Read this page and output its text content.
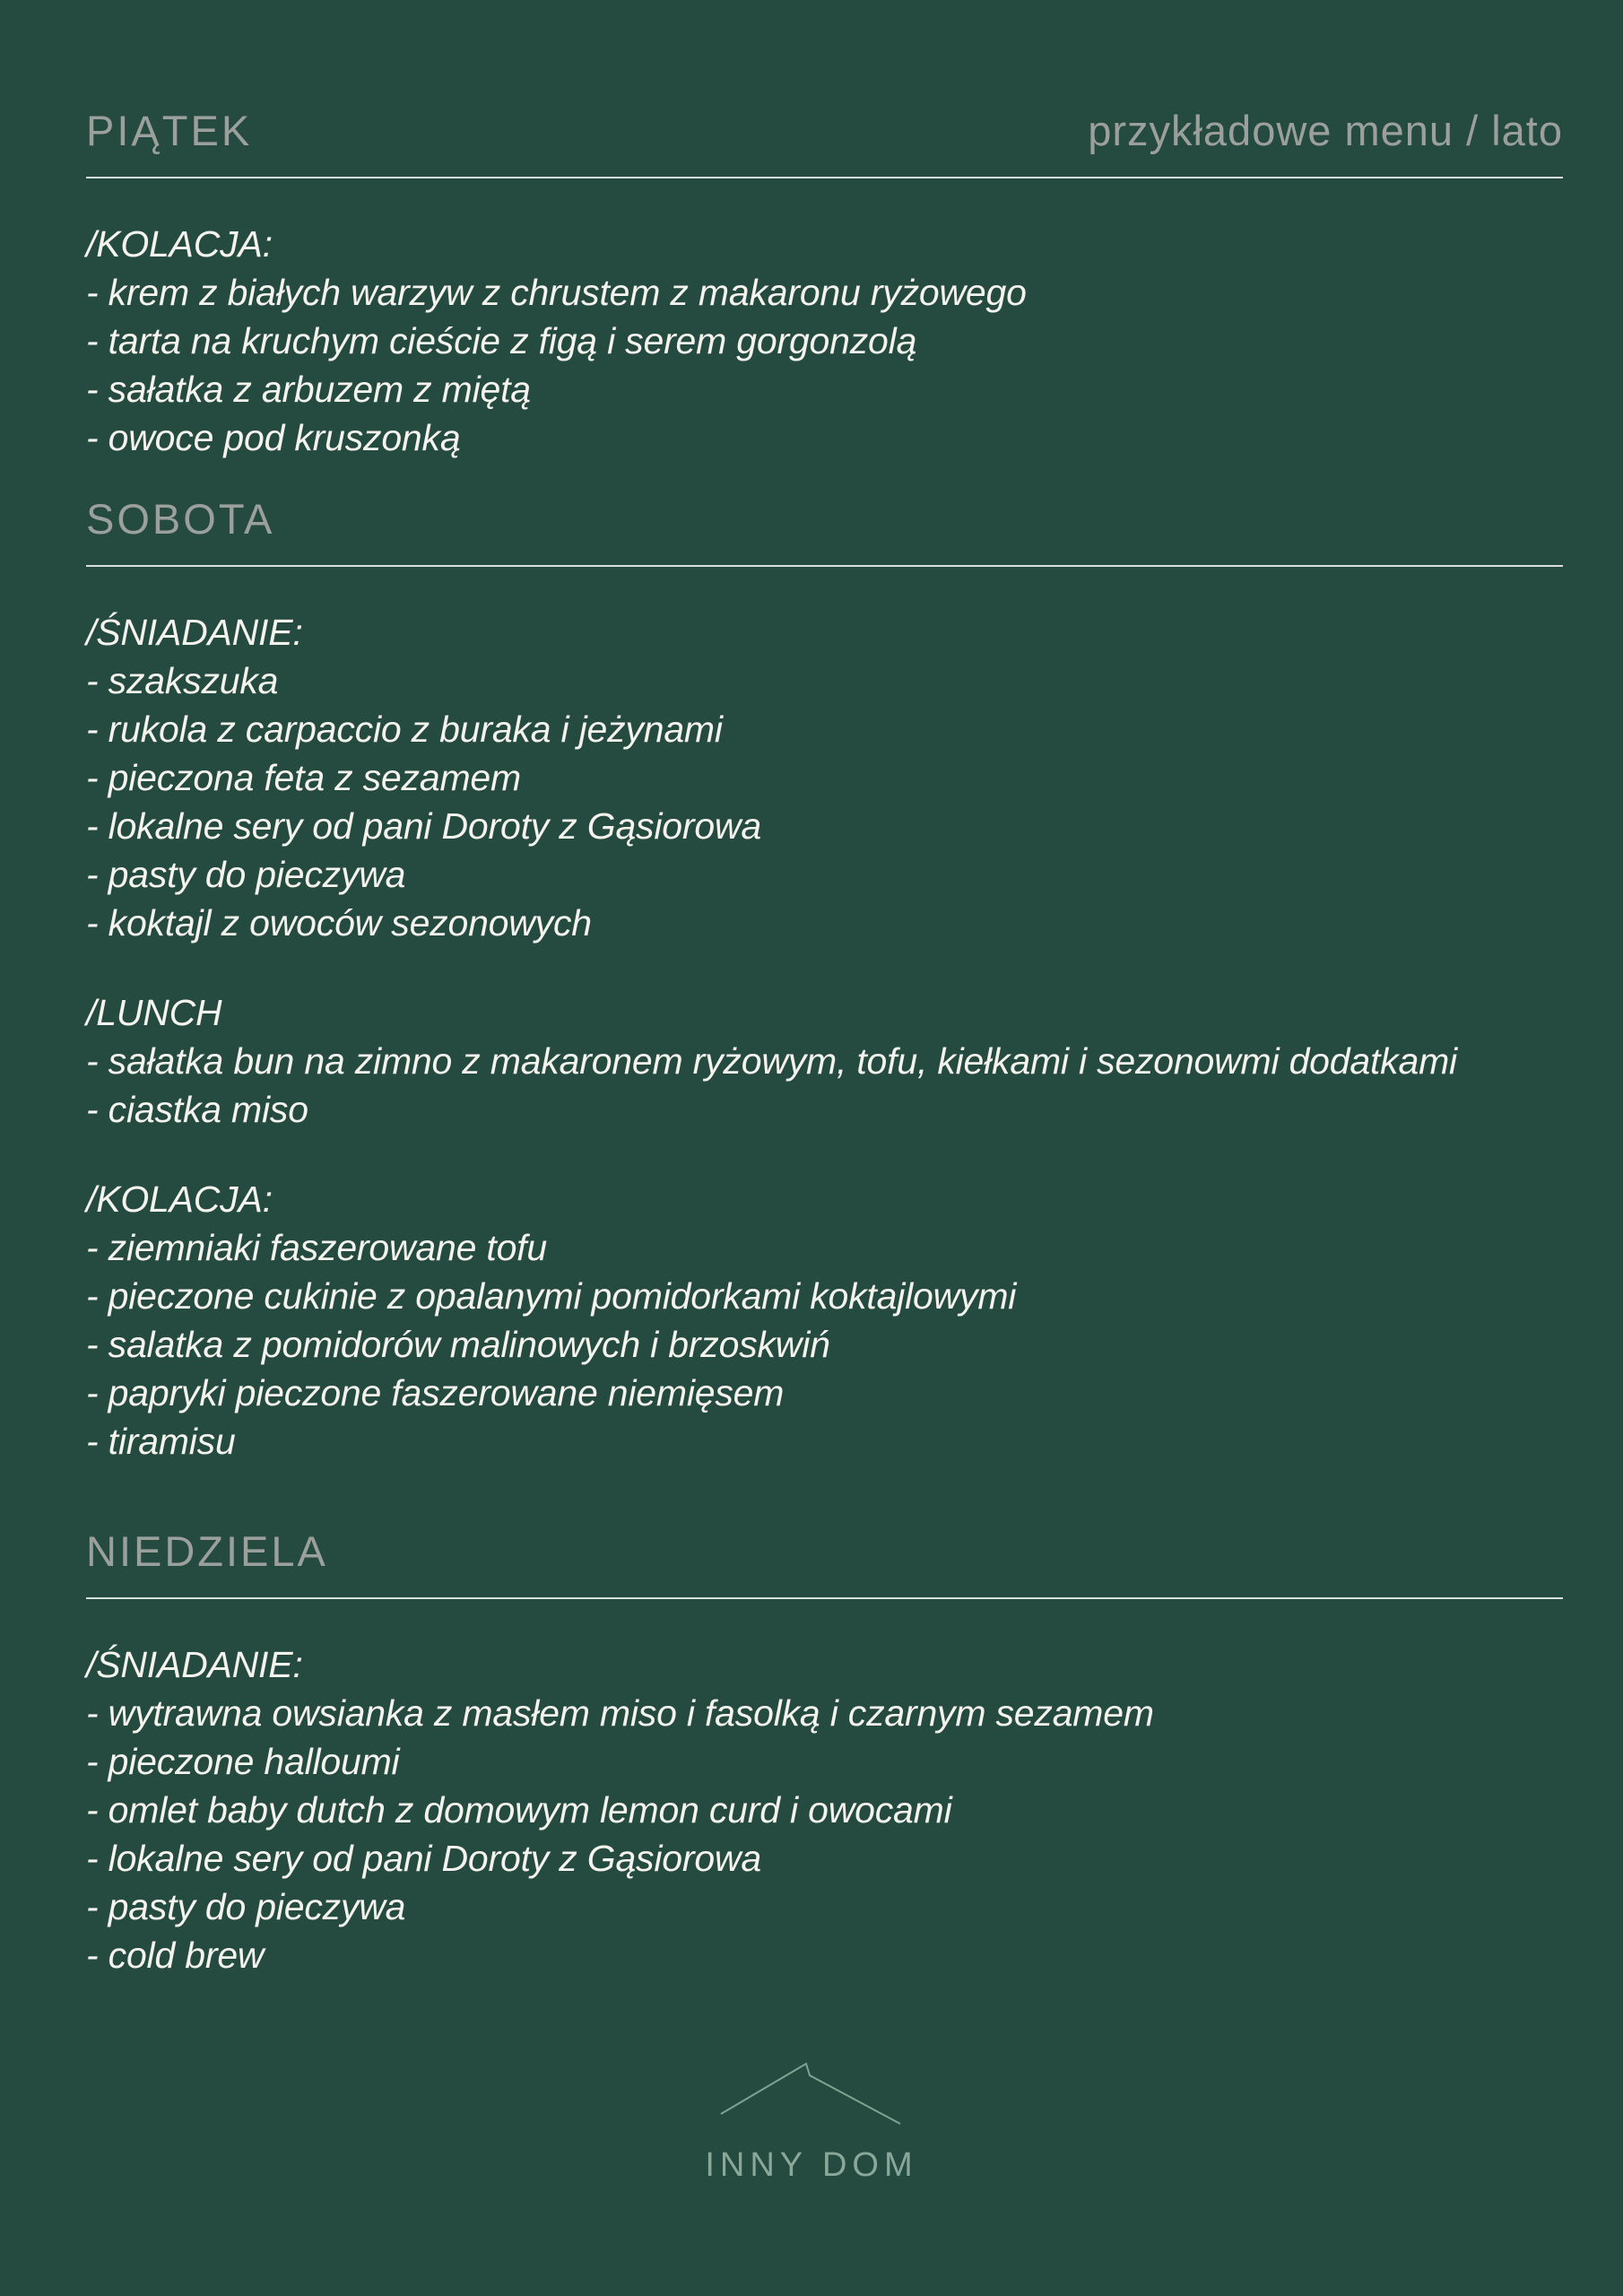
PIĄTEK	przykładowe menu / lato
/KOLACJA:
- krem z białych warzyw z chrustem z makaronu ryżowego
- tarta na kruchym cieście z figą i serem gorgonzolą
- sałatka z arbuzem z miętą
- owoce pod kruszonką
SOBOTA
/ŚNIADANIE:
- szakszuka
- rukola z carpaccio z buraka i jeżynami
- pieczona feta z sezamem
- lokalne sery od pani Doroty z Gąsiorowa
- pasty do pieczywa
- koktajl z owoców sezonowych
/LUNCH
- sałatka bun na zimno z makaronem ryżowym, tofu, kiełkami i sezonowmi dodatkami
- ciastka miso
/KOLACJA:
- ziemniaki faszerowane tofu
- pieczone cukinie z opalanymi pomidorkami koktajlowymi
- salatka z pomidorów malinowych i brzoskwiń
- papryki pieczone faszerowane niemięsem
- tiramisu
NIEDZIELA
/ŚNIADANIE:
- wytrawna owsianka z masłem miso i fasolką i czarnym sezamem
- pieczone halloumi
- omlet baby dutch z domowym lemon curd i owocami
- lokalne sery od pani Doroty z Gąsiorowa
- pasty do pieczywa
- cold brew
INNY DOM
